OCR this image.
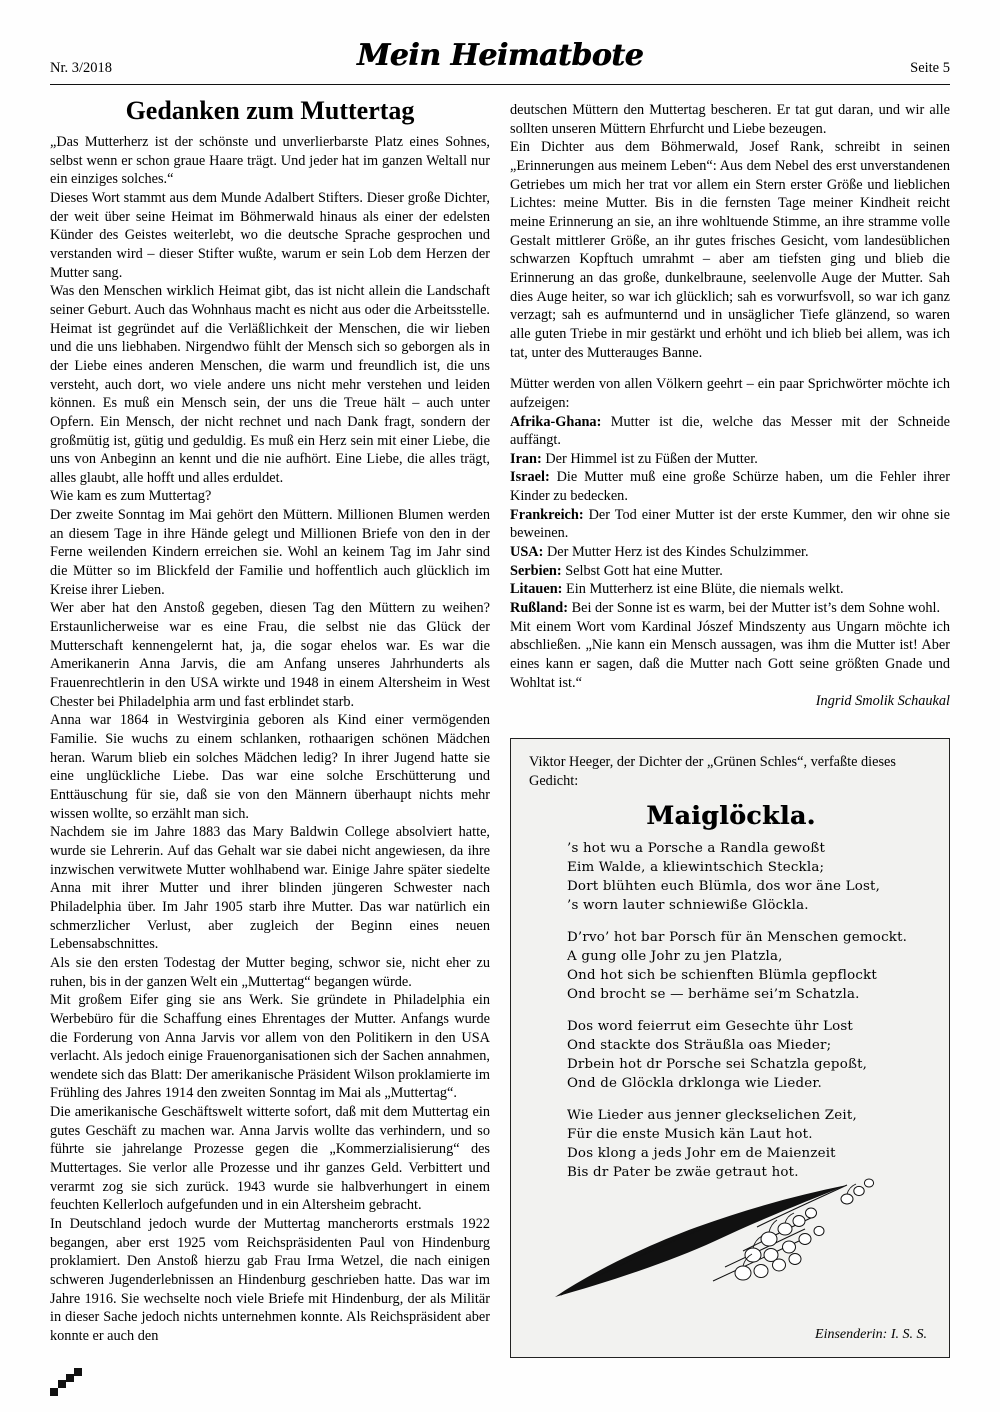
Nr. 3/2018	Mein Heimatbote	Seite 5
Gedanken zum Muttertag

„Das Mutterherz ist der schönste und unverlierbarste Platz eines Sohnes, selbst wenn er schon graue Haare trägt. Und jeder hat im ganzen Weltall nur ein einziges solches.“

Dieses Wort stammt aus dem Munde Adalbert Stifters. Dieser große Dichter, der weit über seine Heimat im Böhmerwald hinaus als einer der edelsten Künder des Geistes weiterlebt, wo die deutsche Sprache gesprochen und verstanden wird – dieser Stifter wußte, warum er sein Lob dem Herzen der Mutter sang.

Was den Menschen wirklich Heimat gibt, das ist nicht allein die Landschaft seiner Geburt. Auch das Wohnhaus macht es nicht aus oder die Arbeitsstelle. Heimat ist gegründet auf die Verläßlichkeit der Menschen, die wir lieben und die uns liebhaben. Nirgendwo fühlt der Mensch sich so geborgen als in der Liebe eines anderen Menschen, die warm und freundlich ist, die uns versteht, auch dort, wo viele andere uns nicht mehr verstehen und leiden können. Es muß ein Mensch sein, der uns die Treue hält – auch unter Opfern. Ein Mensch, der nicht rechnet und nach Dank fragt, sondern der großmütig ist, gütig und geduldig. Es muß ein Herz sein mit einer Liebe, die uns von Anbeginn an kennt und die nie aufhört. Eine Liebe, die alles trägt, alles glaubt, alle hofft und alles erduldet.

Wie kam es zum Muttertag?

Der zweite Sonntag im Mai gehört den Müttern. Millionen Blumen werden an diesem Tage in ihre Hände gelegt und Millionen Briefe von den in der Ferne weilenden Kindern erreichen sie. Wohl an keinem Tag im Jahr sind die Mütter so im Blickfeld der Familie und hoffentlich auch glücklich im Kreise ihrer Lieben.

Wer aber hat den Anstoß gegeben, diesen Tag den Müttern zu weihen? Erstaunlicherweise war es eine Frau, die selbst nie das Glück der Mutterschaft kennengelernt hat, ja, die sogar ehelos war. Es war die Amerikanerin Anna Jarvis, die am Anfang unseres Jahrhunderts als Frauenrechtlerin in den USA wirkte und 1948 in einem Altersheim in West Chester bei Philadelphia arm und fast erblindet starb.

Anna war 1864 in Westvirginia geboren als Kind einer vermögenden Familie. Sie wuchs zu einem schlanken, rothaarigen schönen Mädchen heran. Warum blieb ein solches Mädchen ledig? In ihrer Jugend hatte sie eine unglückliche Liebe. Das war eine solche Erschütterung und Enttäuschung für sie, daß sie von den Männern überhaupt nichts mehr wissen wollte, so erzählt man sich.

Nachdem sie im Jahre 1883 das Mary Baldwin College absolviert hatte, wurde sie Lehrerin. Auf das Gehalt war sie dabei nicht angewiesen, da ihre inzwischen verwitwete Mutter wohlhabend war. Einige Jahre später siedelte Anna mit ihrer Mutter und ihrer blinden jüngeren Schwester nach Philadelphia über. Im Jahr 1905 starb ihre Mutter. Das war natürlich ein schmerzlicher Verlust, aber zugleich der Beginn eines neuen Lebensabschnittes.

Als sie den ersten Todestag der Mutter beging, schwor sie, nicht eher zu ruhen, bis in der ganzen Welt ein „Muttertag“ begangen würde.

Mit großem Eifer ging sie ans Werk. Sie gründete in Philadelphia ein Werbebüro für die Schaffung eines Ehrentages der Mutter. Anfangs wurde die Forderung von Anna Jarvis vor allem von den Politikern in den USA verlacht. Als jedoch einige Frauenorganisationen sich der Sachen annahmen, wendete sich das Blatt: Der amerikanische Präsident Wilson proklamierte im Frühling des Jahres 1914 den zweiten Sonntag im Mai als „Muttertag“.

Die amerikanische Geschäftswelt witterte sofort, daß mit dem Muttertag ein gutes Geschäft zu machen war. Anna Jarvis wollte das verhindern, und so führte sie jahrelange Prozesse gegen die „Kommerzialisierung“ des Muttertages. Sie verlor alle Prozesse und ihr ganzes Geld. Verbittert und verarmt zog sie sich zurück. 1943 wurde sie halbverhungert in einem feuchten Kellerloch aufgefunden und in ein Altersheim gebracht.

In Deutschland jedoch wurde der Muttertag mancherorts erstmals 1922 begangen, aber erst 1925 vom Reichspräsidenten Paul von Hindenburg proklamiert. Den Anstoß hierzu gab Frau Irma Wetzel, die nach einigen schweren Jugenderlebnissen an Hindenburg geschrieben hatte. Das war im Jahre 1916. Sie wechselte noch viele Briefe mit Hindenburg, der als Militär in dieser Sache jedoch nichts unternehmen konnte. Als Reichspräsident aber konnte er auch den

deutschen Müttern den Muttertag bescheren. Er tat gut daran, und wir alle sollten unseren Müttern Ehrfurcht und Liebe bezeugen.

Ein Dichter aus dem Böhmerwald, Josef Rank, schreibt in seinen „Erinnerungen aus meinem Leben“: Aus dem Nebel des erst unverstandenen Getriebes um mich her trat vor allem ein Stern erster Größe und lieblichen Lichtes: meine Mutter. Bis in die fernsten Tage meiner Kindheit reicht meine Erinnerung an sie, an ihre wohltuende Stimme, an ihre stramme volle Gestalt mittlerer Größe, an ihr gutes frisches Gesicht, vom landesüblichen schwarzen Kopftuch umrahmt – aber am tiefsten ging und blieb die Erinnerung an das große, dunkelbraune, seelenvolle Auge der Mutter. Sah dies Auge heiter, so war ich glücklich; sah es vorwurfsvoll, so war ich ganz verzagt; sah es aufmunternd und in unsäglicher Tiefe glänzend, so waren alle guten Triebe in mir gestärkt und erhöht und ich blieb bei allem, was ich tat, unter des Mutterauges Banne.

Mütter werden von allen Völkern geehrt – ein paar Sprichwörter möchte ich aufzeigen:

Afrika-Ghana: Mutter ist die, welche das Messer mit der Schneide auffängt.

Iran: Der Himmel ist zu Füßen der Mutter.

Israel: Die Mutter muß eine große Schürze haben, um die Fehler ihrer Kinder zu bedecken.

Frankreich: Der Tod einer Mutter ist der erste Kummer, den wir ohne sie beweinen.

USA: Der Mutter Herz ist des Kindes Schulzimmer.

Serbien: Selbst Gott hat eine Mutter.

Litauen: Ein Mutterherz ist eine Blüte, die niemals welkt.

Rußland: Bei der Sonne ist es warm, bei der Mutter ist’s dem Sohne wohl.

Mit einem Wort vom Kardinal Jószef Mindszenty aus Ungarn möchte ich abschließen. „Nie kann ein Mensch aussagen, was ihm die Mutter ist! Aber eines kann er sagen, daß die Mutter nach Gott seine größten Gnade und Wohltat ist.“

Ingrid Smolik Schaukal

Viktor Heeger, der Dichter der „Grünen Schles“, verfaßte dieses Gedicht:
Maiglöckla.
’s hot wu a Porsche a Randla gewoßt
Eim Walde, a kliewintschich Steckla;
Dort blühten euch Blümla, dos wor äne Lost,
’s worn lauter schniewiße Glöckla.
D’rvo’ hot bar Porsch für än Menschen gemockt.
A gung olle Johr zu jen Platzla,
Ond hot sich be schienften Blümla gepflockt
Ond brocht se — berhäme sei’m Schatzla.
Dos word feierrut eim Gesechte ühr Lost
Ond stackte dos Sträußla oas Mieder;
Drbein hot dr Porsche sei Schatzla gepoßt,
Ond de Glöckla drklonga wie Lieder.
Wie Lieder aus jenner gleckselichen Zeit,
Für die enste Musich kän Laut hot.
Dos klong a jeds Johr em de Maienzeit
Bis dr Pater be zwäe getraut hot.
Einsenderin: I. S. S.
